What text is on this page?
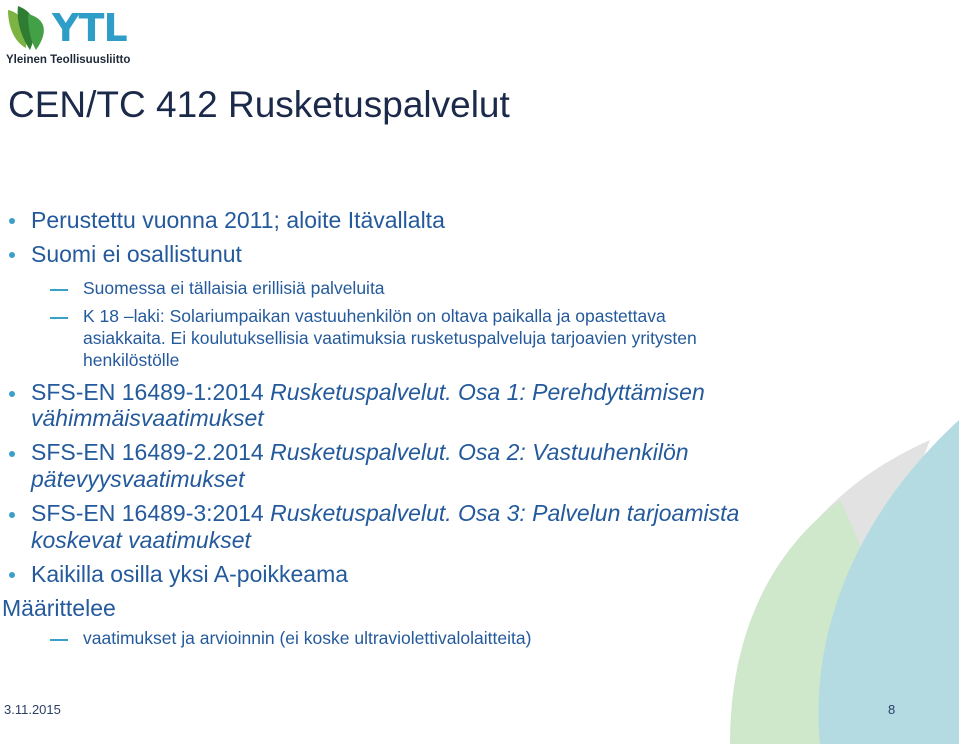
YTL
Yleinen Teollisuusliitto
CEN/TC 412 Rusketuspalvelut
Perustettu vuonna 2011; aloite Itävallalta
Suomi ei osallistunut
Suomessa ei tällaisia erillisiä palveluita
K 18 –laki: Solariumpaikan vastuuhenkilön on oltava paikalla ja opastettava
asiakkaita. Ei koulutuksellisia vaatimuksia rusketuspalveluja tarjoavien yritysten
henkilöstölle
SFS-EN 16489-1:2014 Rusketuspalvelut. Osa 1: Perehdyttämisen
vähimmäisvaatimukset
SFS-EN 16489-2.2014 Rusketuspalvelut. Osa 2: Vastuuhenkilön
pätevyysvaatimukset
SFS-EN 16489-3:2014 Rusketuspalvelut. Osa 3: Palvelun tarjoamista
koskevat vaatimukset
Kaikilla osilla yksi A-poikkeama
Määrittelee
vaatimukset ja arvioinnin (ei koske ultraviolettivalolaitteita)
3.11.2015	8
